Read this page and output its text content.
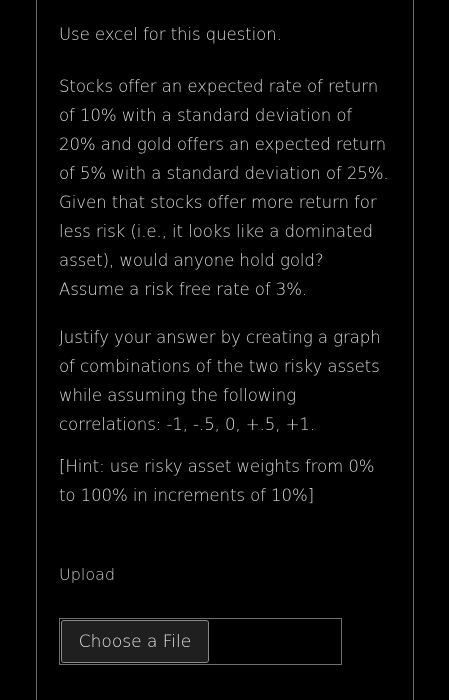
Use excel for this question.

Stocks offer an expected rate of return
of 10% with a standard deviation of
20% and gold offers an expected return
of 5% with a standard deviation of 25%.
Given that stocks offer more return for
less risk (i.e., it looks like a dominated
asset), would anyone hold gold?
Assume a risk free rate of 3%.

Justify your answer by creating a graph
of combinations of the two risky assets
while assuming the following
correlations: -1, -.5, 0, +.5, +1.

[Hint: use risky asset weights from 0%
to 100% in increments of 10%]

Upload
Choose a File
